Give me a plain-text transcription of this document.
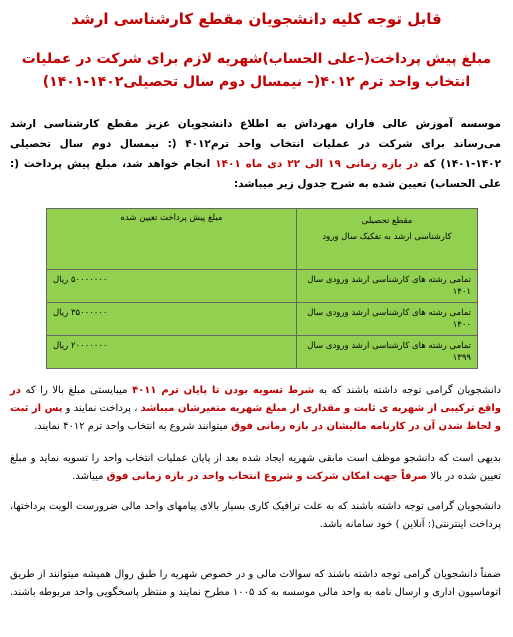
قابل توجه کلیه دانشجویان مقطع کارشناسی ارشد
مبلغ پیش پرداخت(–علی الحساب)شهریه لازم برای شرکت در عملیات انتخاب واحد ترم ۴۰۱۲(– نیمسال دوم سال تحصیلی۱۴۰۲-۱۴۰۱)
موسسه آموزش عالی فاران مهرداش به اطلاع دانشجویان عزیز مقطع کارشناسی ارشد می‌رساند برای شرکت در عملیات انتخاب واحد ترم۴۰۱۲ (: نیمسال دوم سال تحصیلی ۱۴۰۲-۱۴۰۱) که در بازه زمانی ۱۹ الی ۲۲ دی ماه ۱۴۰۱ انجام خواهد شد، مبلغ پیش پرداخت (: علی الحساب) تعیین شده به شرح جدول زیر میباشد:
مقطع تحصیلی
کارشناسی ارشد به تفکیک سال ورود	مبلغ پیش پرداخت تعیین شده
تمامی رشته های کارشناسی ارشد ورودی سال ۱۴۰۱	۵۰۰۰۰۰۰۰ ریال
تمامی رشته های کارشناسی ارشد ورودی سال ۱۴۰۰	۳۵۰۰۰۰۰۰ ریال
تمامی رشته های کارشناسی ارشد ورودی سال ۱۳۹۹	۲۰۰۰۰۰۰۰ ریال
دانشجویان گرامی توجه داشته باشند که به شرط تسویه بودن تا پایان ترم ۴۰۱۱ میبایستی مبلغ بالا را که در واقع ترکیبی از شهریه ی ثابت و مقداری از مبلغ شهریه متغیرشان میباشد ، پرداخت نمایند و پس از ثبت و لحاظ شدن آن در کارنامه مالیشان در بازه زمانی فوق میتوانند شروع به انتخاب واحد ترم ۴۰۱۲ نمایند.
بدیهی است که دانشجو موظف است مابقی شهریه ایجاد شده بعد از پایان عملیات انتخاب واحد را تسویه نماید و مبلغ تعیین شده در بالا صرفاً جهت امکان شرکت و شروع انتخاب واحد در بازه زمانی فوق میباشد.
دانشجویان گرامی توجه داشته باشند که به علت ترافیک کاری بسیار بالای پیامهای واحد مالی ضرورست الویت پرداختها، پرداخت اینترنتی(: آنلاین ) خود سامانه باشد.
ضمناً دانشجویان گرامی توجه داشته باشند که سوالات مالی و در خصوص شهریه را طبق روال همیشه میتوانند از طریق اتوماسیون اداری و ارسال نامه به واحد مالی موسسه به کد ۱۰۰۵ مطرح نمایند و منتظر پاسخگویی واحد مربوطه باشند.
